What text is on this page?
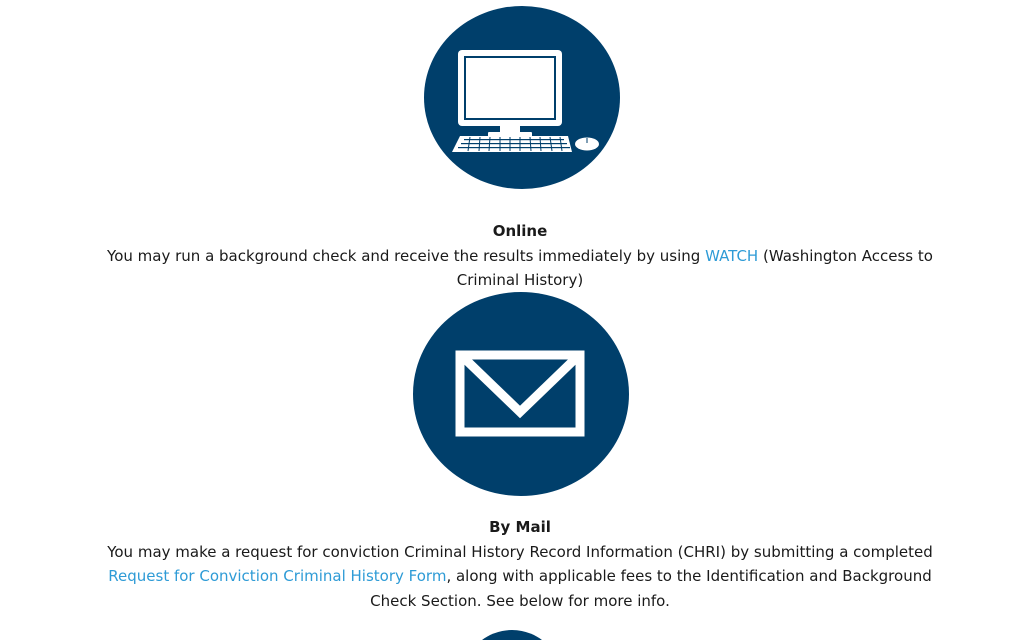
Online
You may run a background check and receive the results immediately by using WATCH (Washington Access to Criminal History)
By Mail
You may make a request for conviction Criminal History Record Information (CHRI) by submitting a completed Request for Conviction Criminal History Form, along with applicable fees to the Identification and Background Check Section. See below for more info.
